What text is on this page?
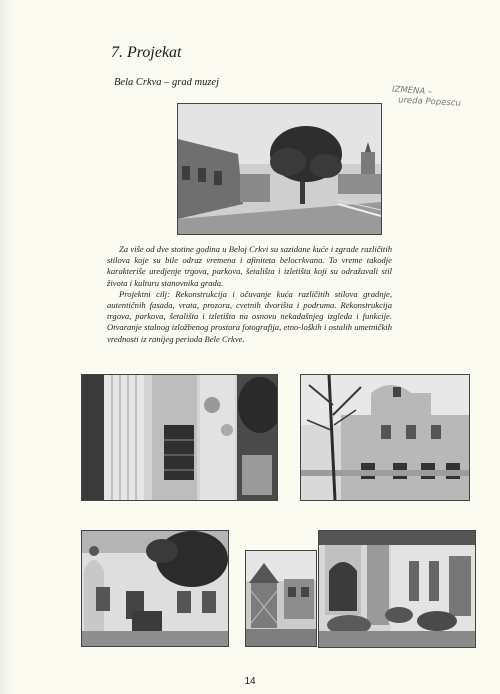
7. Projekat
Bela Crkva – grad muzej
IZMENA –
ureda Popescu

Za više od dve stotine godina u Beloj Crkvi su sazidane kuće i zgrade različitih stilova koje su bile odraz vremena i afiniteta belocrkvana. To vreme takodje karakteriše uredjenje trgova, parkova, šetališta i izletišta koji su odražavali stil života i kulturu stanovnika grada.

Projektni cilj: Rekonstrukcija i očuvanje kuća različitih stilova gradnje, autentičnih fasada, vrata, prozora, cvetnih dvorišta i podruma. Rekonstrukcija trgova, parkova, šetališta i izletišta na osnovu nekadašnjeg izgleda i funkcije. Otvaranje stalnog izložbenog prostora fotografija, etno-loških i ostalih umetničkih vrednosti iz ranijeg perioda Bele Crkve.

14
